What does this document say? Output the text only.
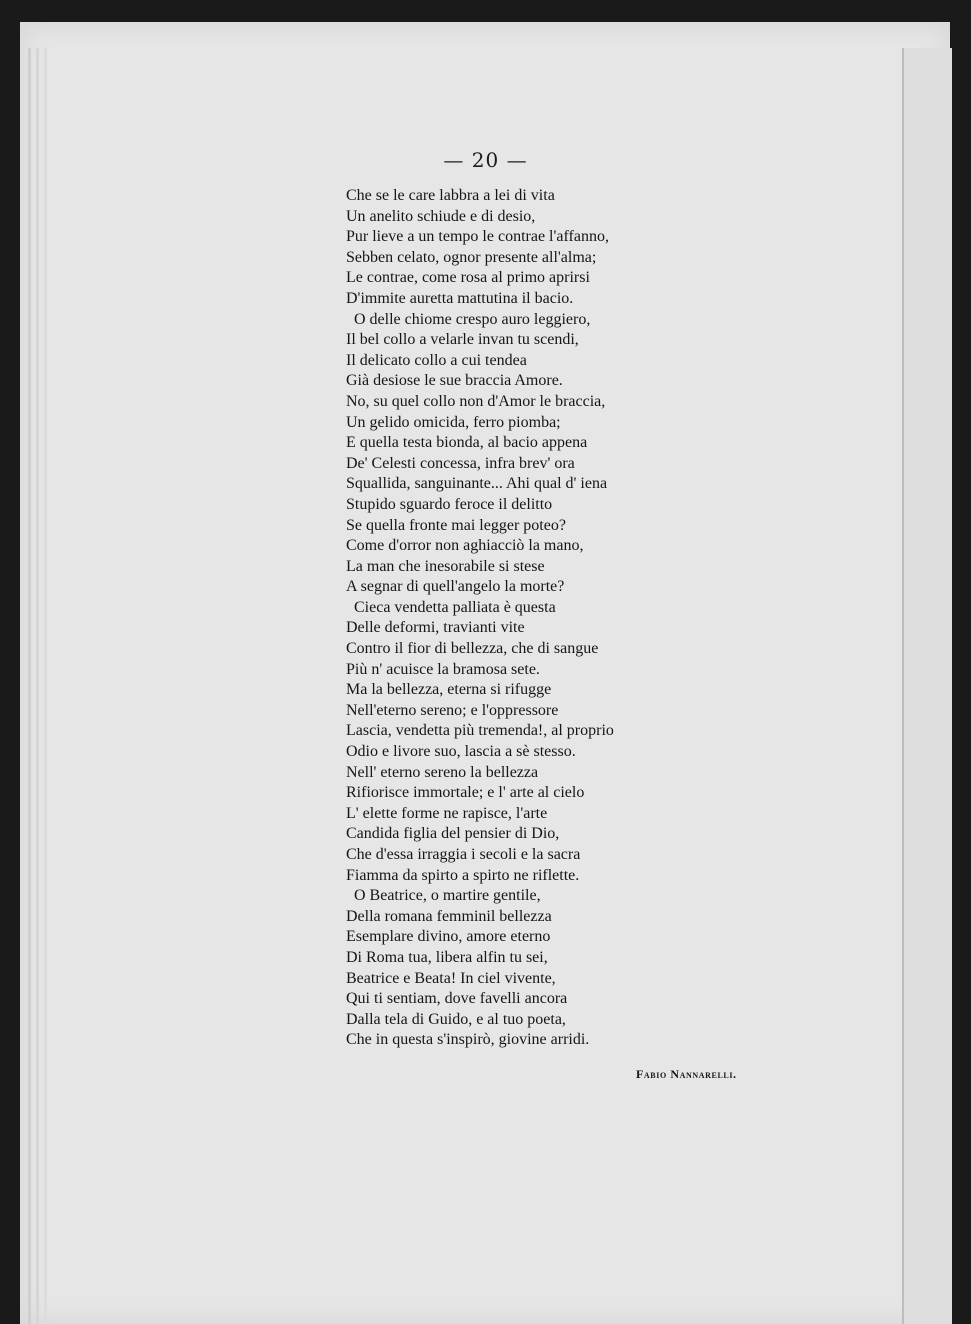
— 20 —
Che se le care labbra a lei di vita
Un anelito schiude e di desio,
Pur lieve a un tempo le contrae l'affanno,
Sebben celato, ognor presente all'alma;
Le contrae, come rosa al primo aprirsi
D'immite auretta mattutina il bacio.
O delle chiome crespo auro leggiero,
Il bel collo a velarle invan tu scendi,
Il delicato collo a cui tendea
Già desiose le sue braccia Amore.
No, su quel collo non d'Amor le braccia,
Un gelido omicida, ferro piomba;
E quella testa bionda, al bacio appena
De' Celesti concessa, infra brev' ora
Squallida, sanguinante... Ahi qual d' iena
Stupido sguardo feroce il delitto
Se quella fronte mai legger poteo?
Come d'orror non aghiacciò la mano,
La man che inesorabile si stese
A segnar di quell'angelo la morte?
Cieca vendetta palliata è questa
Delle deformi, travianti vite
Contro il fior di bellezza, che di sangue
Più n' acuisce la bramosa sete.
Ma la bellezza, eterna si rifugge
Nell'eterno sereno; e l'oppressore
Lascia, vendetta più tremenda!, al proprio
Odio e livore suo, lascia a sè stesso.
Nell' eterno sereno la bellezza
Rifiorisce immortale; e l' arte al cielo
L' elette forme ne rapisce, l'arte
Candida figlia del pensier di Dio,
Che d'essa irraggia i secoli e la sacra
Fiamma da spirto a spirto ne riflette.
O Beatrice, o martire gentile,
Della romana femminil bellezza
Esemplare divino, amore eterno
Di Roma tua, libera alfin tu sei,
Beatrice e Beata! In ciel vivente,
Qui ti sentiam, dove favelli ancora
Dalla tela di Guido, e al tuo poeta,
Che in questa s'inspirò, giovine arridi.
Fabio Nannarelli.
